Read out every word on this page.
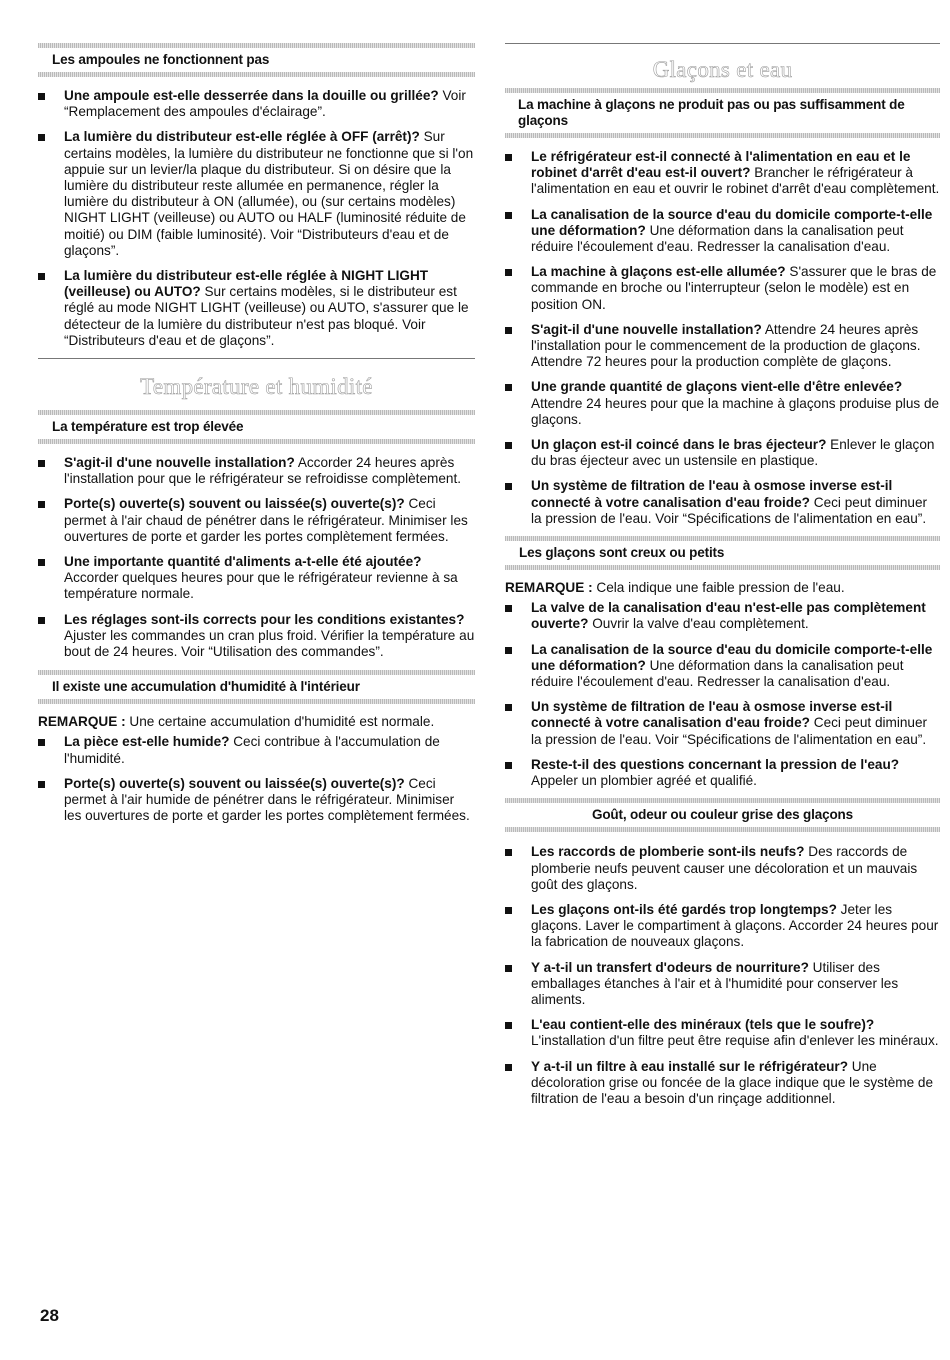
Les ampoules ne fonctionnent pas
Une ampoule est-elle desserrée dans la douille ou grillée? Voir “Remplacement des ampoules d'éclairage”.
La lumière du distributeur est-elle réglée à OFF (arrêt)? Sur certains modèles, la lumière du distributeur ne fonctionne que si l'on appuie sur un levier/la plaque du distributeur. Si on désire que la lumière du distributeur reste allumée en permanence, régler la lumière du distributeur à ON (allumée), ou (sur certains modèles) NIGHT LIGHT (veilleuse) ou AUTO ou HALF (luminosité réduite de moitié) ou DIM (faible luminosité). Voir “Distributeurs d'eau et de glaçons”.
La lumière du distributeur est-elle réglée à NIGHT LIGHT (veilleuse) ou AUTO? Sur certains modèles, si le distributeur est réglé au mode NIGHT LIGHT (veilleuse) ou AUTO, s'assurer que le détecteur de la lumière du distributeur n'est pas bloqué. Voir “Distributeurs d'eau et de glaçons”.
Température et humidité
La température est trop élevée
S'agit-il d'une nouvelle installation? Accorder 24 heures après l'installation pour que le réfrigérateur se refroidisse complètement.
Porte(s) ouverte(s) souvent ou laissée(s) ouverte(s)? Ceci permet à l'air chaud de pénétrer dans le réfrigérateur. Minimiser les ouvertures de porte et garder les portes complètement fermées.
Une importante quantité d'aliments a-t-elle été ajoutée? Accorder quelques heures pour que le réfrigérateur revienne à sa température normale.
Les réglages sont-ils corrects pour les conditions existantes? Ajuster les commandes un cran plus froid. Vérifier la température au bout de 24 heures. Voir “Utilisation des commandes”.
Il existe une accumulation d'humidité à l'intérieur

REMARQUE : Une certaine accumulation d'humidité est normale.

La pièce est-elle humide? Ceci contribue à l'accumulation de l'humidité.
Porte(s) ouverte(s) souvent ou laissée(s) ouverte(s)? Ceci permet à l'air humide de pénétrer dans le réfrigérateur. Minimiser les ouvertures de porte et garder les portes complètement fermées.
Glaçons et eau
La machine à glaçons ne produit pas ou pas suffisamment de glaçons
Le réfrigérateur est-il connecté à l'alimentation en eau et le robinet d'arrêt d'eau est-il ouvert? Brancher le réfrigérateur à l'alimentation en eau et ouvrir le robinet d'arrêt d'eau complètement.
La canalisation de la source d'eau du domicile comporte-t-elle une déformation? Une déformation dans la canalisation peut réduire l'écoulement d'eau. Redresser la canalisation d'eau.
La machine à glaçons est-elle allumée? S'assurer que le bras de commande en broche ou l'interrupteur (selon le modèle) est en position ON.
S'agit-il d'une nouvelle installation? Attendre 24 heures après l'installation pour le commencement de la production de glaçons. Attendre 72 heures pour la production complète de glaçons.
Une grande quantité de glaçons vient-elle d'être enlevée? Attendre 24 heures pour que la machine à glaçons produise plus de glaçons.
Un glaçon est-il coincé dans le bras éjecteur? Enlever le glaçon du bras éjecteur avec un ustensile en plastique.
Un système de filtration de l'eau à osmose inverse est-il connecté à votre canalisation d'eau froide? Ceci peut diminuer la pression de l'eau. Voir “Spécifications de l'alimentation en eau”.
Les glaçons sont creux ou petits

REMARQUE : Cela indique une faible pression de l'eau.

La valve de la canalisation d'eau n'est-elle pas complètement ouverte? Ouvrir la valve d'eau complètement.
La canalisation de la source d'eau du domicile comporte-t-elle une déformation? Une déformation dans la canalisation peut réduire l'écoulement d'eau. Redresser la canalisation d'eau.
Un système de filtration de l'eau à osmose inverse est-il connecté à votre canalisation d'eau froide? Ceci peut diminuer la pression de l'eau. Voir “Spécifications de l'alimentation en eau”.
Reste-t-il des questions concernant la pression de l'eau? Appeler un plombier agréé et qualifié.
Goût, odeur ou couleur grise des glaçons
Les raccords de plomberie sont-ils neufs? Des raccords de plomberie neufs peuvent causer une décoloration et un mauvais goût des glaçons.
Les glaçons ont-ils été gardés trop longtemps? Jeter les glaçons. Laver le compartiment à glaçons. Accorder 24 heures pour la fabrication de nouveaux glaçons.
Y a-t-il un transfert d'odeurs de nourriture? Utiliser des emballages étanches à l'air et à l'humidité pour conserver les aliments.
L'eau contient-elle des minéraux (tels que le soufre)? L'installation d'un filtre peut être requise afin d'enlever les minéraux.
Y a-t-il un filtre à eau installé sur le réfrigérateur? Une décoloration grise ou foncée de la glace indique que le système de filtration de l'eau a besoin d'un rinçage additionnel.
28
